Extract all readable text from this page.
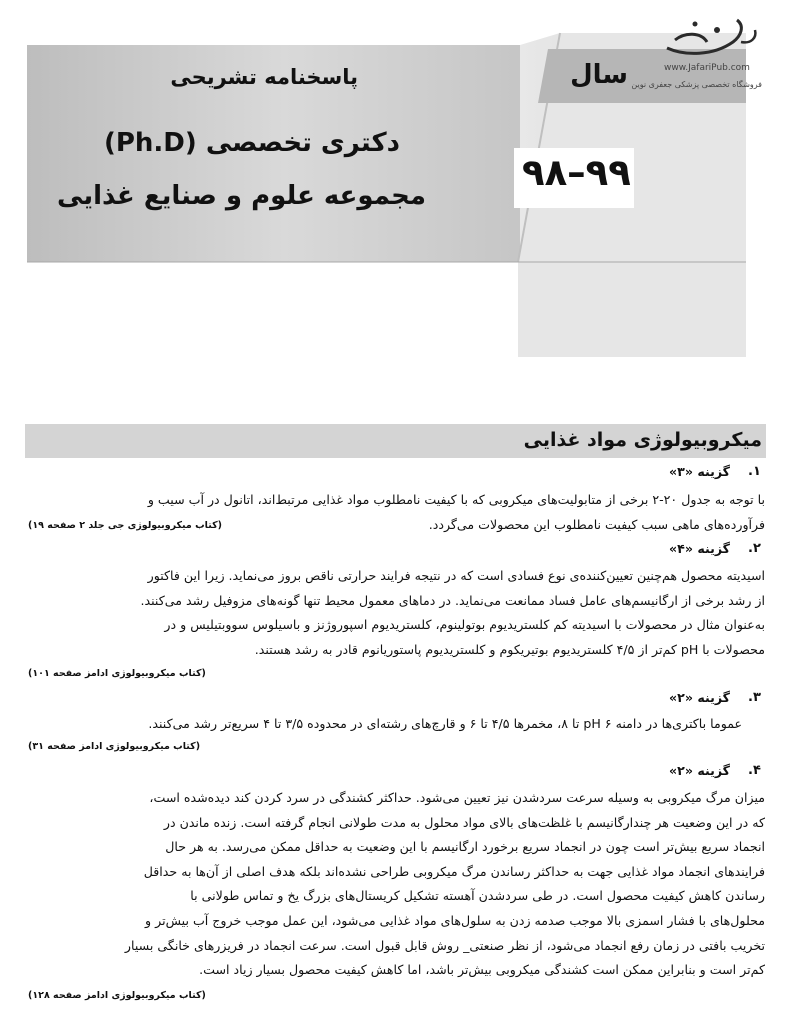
پاسخنامه تشریحی	سال
دکتری تخصصی (Ph.D)
۹۸–۹۹
مجموعه علوم و صنایع غذایی
www.JafariPub.com
فروشگاه تخصصی پزشکی جعفری نوین
میکروبیولوژی مواد غذایی
.۱
گزینه «۳»
با توجه به جدول ۲۰-۲ برخی از متابولیت‌های میکروبی که با کیفیت نامطلوب مواد غذایی مرتبط‌اند، اتانول در آب سیب و
فرآورده‌های ماهی سبب کیفیت نامطلوب این محصولات می‌گردد.
(کتاب میکروبیولوژی جی جلد ۲ صفحه ۱۹)
.۲
گزینه «۴»
اسیدیته محصول هم‌چنین تعیین‌کننده‌ی نوع فسادی است که در نتیجه فرایند حرارتی ناقص بروز می‌نماید. زیرا این فاکتور
از رشد برخی از ارگانیسم‌های عامل فساد ممانعت می‌نماید. در دماهای معمول محیط تنها گونه‌های مزوفیل رشد می‌کنند.
به‌عنوان مثال در محصولات با اسیدیته کم کلستریدیوم بوتولینوم، کلستریدیوم اسپوروژنز و باسیلوس سووبتیلیس و در
محصولات با pH کم‌تر از ۴/۵ کلستریدیوم بوتیریکوم و کلستریدیوم پاستوریانوم قادر به رشد هستند.
(کتاب میکروبیولوژی ادامز صفحه ۱۰۱)
.۳
گزینه «۲»
عموما باکتری‌ها در دامنه pH ۶ تا ۸، مخمرها ۴/۵ تا ۶ و قارچ‌های رشته‌ای در محدوده ۳/۵ تا ۴ سریع‌تر رشد می‌کنند.
(کتاب میکروبیولوژی ادامز صفحه ۳۱)
.۴
گزینه «۲»
میزان مرگ میکروبی به وسیله سرعت سردشدن نیز تعیین می‌شود. حداکثر کشندگی در سرد کردن کند دیده‌شده است،
که در این وضعیت هر چندارگانیسم با غلظت‌های بالای مواد محلول به مدت طولانی انجام گرفته است. زنده ماندن در
انجماد سریع بیش‌تر است چون در انجماد سریع برخورد ارگانیسم با این وضعیت به حداقل ممکن می‌رسد. به هر حال
فرایندهای انجماد مواد غذایی جهت به حداکثر رساندن مرگ میکروبی طراحی نشده‌اند بلکه هدف اصلی از آن‌ها به حداقل
رساندن کاهش کیفیت محصول است. در طی سردشدن آهسته تشکیل کریستال‌های بزرگ یخ و تماس طولانی با
محلول‌های با فشار اسمزی بالا موجب صدمه زدن به سلول‌های مواد غذایی می‌شود، این عمل موجب خروج آب بیش‌تر و
تخریب بافتی در زمان رفع انجماد می‌شود، از نظر صنعتی_ روش قابل قبول است. سرعت انجماد در فریزرهای خانگی بسیار
کم‌تر است و بنابراین ممکن است کشندگی میکروبی بیش‌تر باشد، اما کاهش کیفیت محصول بسیار زیاد است.
(کتاب میکروبیولوژی ادامز صفحه ۱۲۸)
